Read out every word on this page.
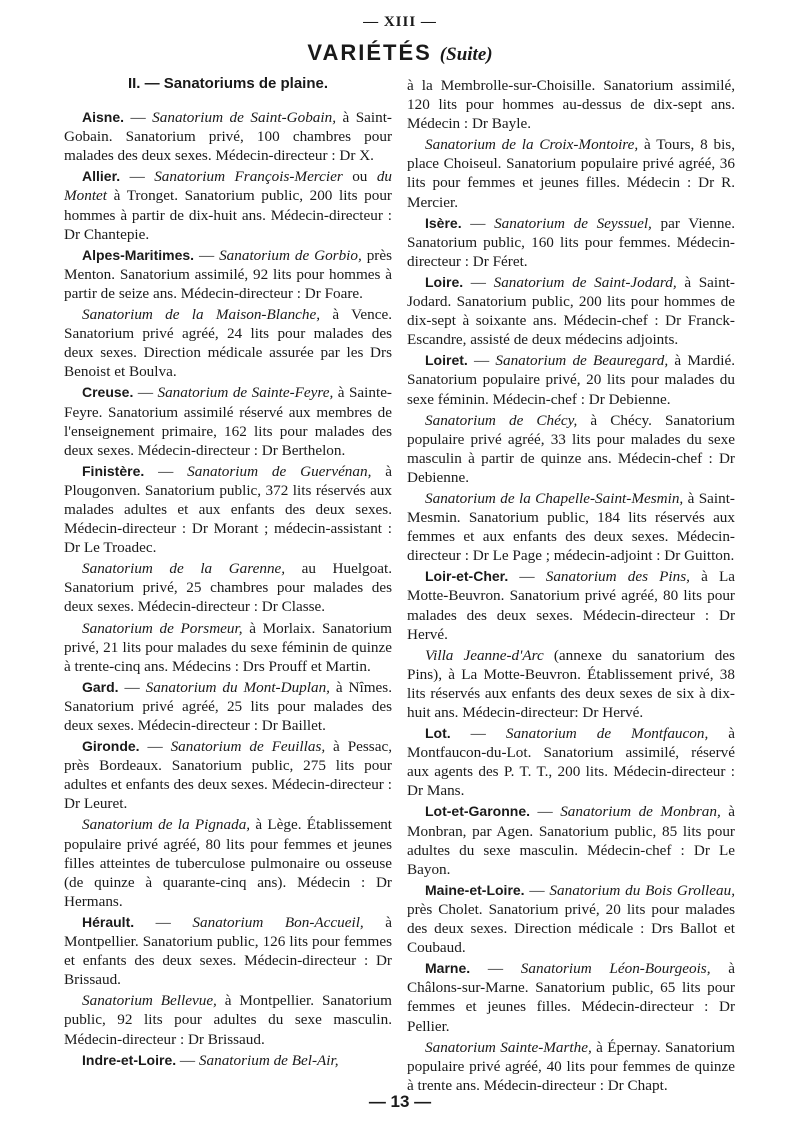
— XIII —
VARIÉTÉS (Suite)
II. — Sanatoriums de plaine.
Aisne. — Sanatorium de Saint-Gobain, à Saint-Gobain. Sanatorium privé, 100 chambres pour malades des deux sexes. Médecin-directeur : Dr X.
Allier. — Sanatorium François-Mercier ou du Montet à Tronget. Sanatorium public, 200 lits pour hommes à partir de dix-huit ans. Médecin-directeur : Dr Chantepie.
Alpes-Maritimes. — Sanatorium de Gorbio, près Menton. Sanatorium assimilé, 92 lits pour hommes à partir de seize ans. Médecin-directeur : Dr Foare.
Sanatorium de la Maison-Blanche, à Vence. Sanatorium privé agréé, 24 lits pour malades des deux sexes. Direction médicale assurée par les Drs Benoist et Boulva.
Creuse. — Sanatorium de Sainte-Feyre, à Sainte-Feyre. Sanatorium assimilé réservé aux membres de l'enseignement primaire, 162 lits pour malades des deux sexes. Médecin-directeur : Dr Berthelon.
Finistère. — Sanatorium de Guervénan, à Plougonven. Sanatorium public, 372 lits réservés aux malades adultes et aux enfants des deux sexes. Médecin-directeur : Dr Morant ; médecin-assistant : Dr Le Troadec.
Sanatorium de la Garenne, au Huelgoat. Sanatorium privé, 25 chambres pour malades des deux sexes. Médecin-directeur : Dr Classe.
Sanatorium de Porsmeur, à Morlaix. Sanatorium privé, 21 lits pour malades du sexe féminin de quinze à trente-cinq ans. Médecins : Drs Prouff et Martin.
Gard. — Sanatorium du Mont-Duplan, à Nîmes. Sanatorium privé agréé, 25 lits pour malades des deux sexes. Médecin-directeur : Dr Baillet.
Gironde. — Sanatorium de Feuillas, à Pessac, près Bordeaux. Sanatorium public, 275 lits pour adultes et enfants des deux sexes. Médecin-directeur : Dr Leuret.
Sanatorium de la Pignada, à Lège. Établissement populaire privé agréé, 80 lits pour femmes et jeunes filles atteintes de tuberculose pulmonaire ou osseuse (de quinze à quarante-cinq ans). Médecin : Dr Hermans.
Hérault. — Sanatorium Bon-Accueil, à Montpellier. Sanatorium public, 126 lits pour femmes et enfants des deux sexes. Médecin-directeur : Dr Brissaud.
Sanatorium Bellevue, à Montpellier. Sanatorium public, 92 lits pour adultes du sexe masculin. Médecin-directeur : Dr Brissaud.
Indre-et-Loire. — Sanatorium de Bel-Air,
à la Membrolle-sur-Choisille. Sanatorium assimilé, 120 lits pour hommes au-dessus de dix-sept ans. Médecin : Dr Bayle.
Sanatorium de la Croix-Montoire, à Tours, 8 bis, place Choiseul. Sanatorium populaire privé agréé, 36 lits pour femmes et jeunes filles. Médecin : Dr R. Mercier.
Isère. — Sanatorium de Seyssuel, par Vienne. Sanatorium public, 160 lits pour femmes. Médecin-directeur : Dr Féret.
Loire. — Sanatorium de Saint-Jodard, à Saint-Jodard. Sanatorium public, 200 lits pour hommes de dix-sept à soixante ans. Médecin-chef : Dr Franck-Escandre, assisté de deux médecins adjoints.
Loiret. — Sanatorium de Beauregard, à Mardié. Sanatorium populaire privé, 20 lits pour malades du sexe féminin. Médecin-chef : Dr Debienne.
Sanatorium de Chécy, à Chécy. Sanatorium populaire privé agréé, 33 lits pour malades du sexe masculin à partir de quinze ans. Médecin-chef : Dr Debienne.
Sanatorium de la Chapelle-Saint-Mesmin, à Saint-Mesmin. Sanatorium public, 184 lits réservés aux femmes et aux enfants des deux sexes. Médecin-directeur : Dr Le Page ; médecin-adjoint : Dr Guitton.
Loir-et-Cher. — Sanatorium des Pins, à La Motte-Beuvron. Sanatorium privé agréé, 80 lits pour malades des deux sexes. Médecin-directeur : Dr Hervé.
Villa Jeanne-d'Arc (annexe du sanatorium des Pins), à La Motte-Beuvron. Établissement privé, 38 lits réservés aux enfants des deux sexes de six à dix-huit ans. Médecin-directeur: Dr Hervé.
Lot. — Sanatorium de Montfaucon, à Montfaucon-du-Lot. Sanatorium assimilé, réservé aux agents des P. T. T., 200 lits. Médecin-directeur : Dr Mans.
Lot-et-Garonne. — Sanatorium de Monbran, à Monbran, par Agen. Sanatorium public, 85 lits pour adultes du sexe masculin. Médecin-chef : Dr Le Bayon.
Maine-et-Loire. — Sanatorium du Bois Grolleau, près Cholet. Sanatorium privé, 20 lits pour malades des deux sexes. Direction médicale : Drs Ballot et Coubaud.
Marne. — Sanatorium Léon-Bourgeois, à Châlons-sur-Marne. Sanatorium public, 65 lits pour femmes et jeunes filles. Médecin-directeur : Dr Pellier.
Sanatorium Sainte-Marthe, à Épernay. Sanatorium populaire privé agréé, 40 lits pour femmes de quinze à trente ans. Médecin-directeur : Dr Chapt.
— 13 —
